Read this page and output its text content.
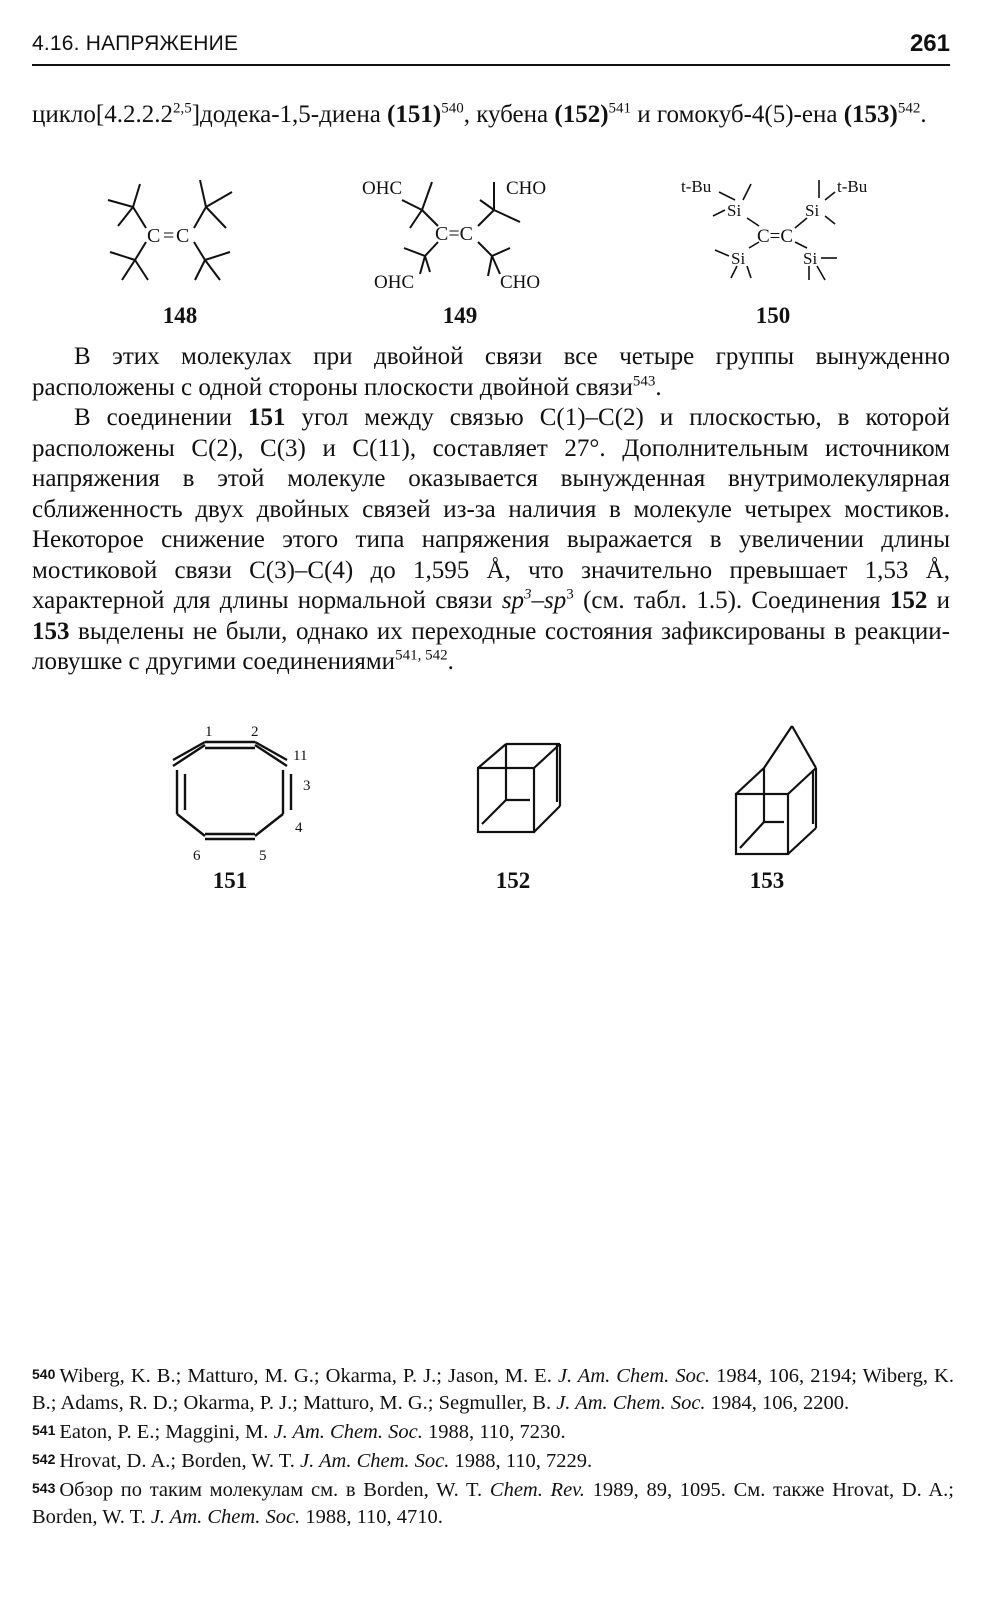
4.16. НАПРЯЖЕНИЕ	261
цикло[4.2.2.2$^{2,5}$]додека-1,5-диена $(151)^{540}$, кубена $(152)^{541}$ и гомокуб-4(5)-ена $(153)^{542}$.
C = C
148
OHC	CHO
OHC	CHO
C=C
149
t-Bu	t-Bu
Si	Si
Si	Si
C=C
150
В этих молекулах при двойной связи все четыре группы вынужденно расположены с одной стороны плоскости двойной связи$^{543}$.
В соединении 151 угол между связью C(1)–C(2) и плоскостью, в которой расположены C(2), C(3) и C(11), составляет 27°. Дополнительным источником напряжения в этой молекуле оказывается вынужденная внутримолекулярная сближенность двух двойных связей из-за наличия в молекуле четырех мостиков. Некоторое снижение этого типа напряжения выражается в увеличении длины мостиковой связи C(3)–C(4) до 1,595 Å, что значительно превышает 1,53 Å, характерной для длины нормальной связи $sp^3-sp^3$ (см. табл. 1.5). Соединения 152 и 153 выделены не были, однако их переходные состояния зафиксированы в реакции-ловушке с другими соединениями$^{541, 542}$.
1	2
11
3
4
5
6
151	152	153
540 Wiberg, K. B.; Matturo, M. G.; Okarma, P. J.; Jason, M. E. J. Am. Chem. Soc. 1984, 106, 2194; Wiberg, K. B.; Adams, R. D.; Okarma, P. J.; Matturo, M. G.; Segmuller, B. J. Am. Chem. Soc. 1984, 106, 2200.
541 Eaton, P. E.; Maggini, M. J. Am. Chem. Soc. 1988, 110, 7230.
542 Hrovat, D. A.; Borden, W. T. J. Am. Chem. Soc. 1988, 110, 7229.
543 Обзор по таким молекулам см. в Borden, W. T. Chem. Rev. 1989, 89, 1095. См. также Hrovat, D. A.; Borden, W. T. J. Am. Chem. Soc. 1988, 110, 4710.
